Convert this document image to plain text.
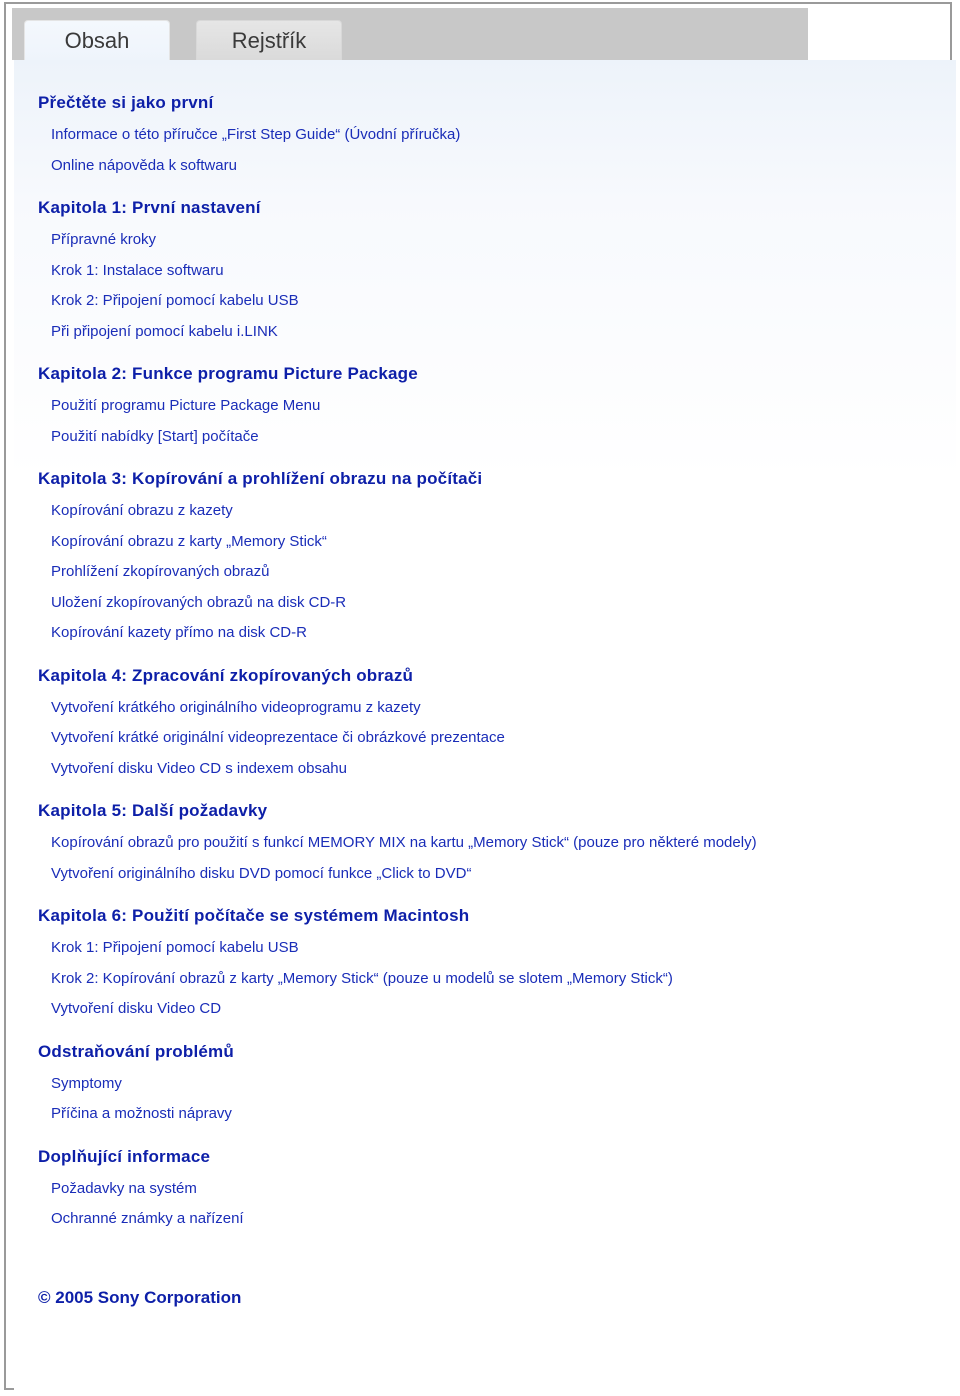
Obsah	Rejstřík
Přečtěte si jako první
Informace o této příručce „First Step Guide“ (Úvodní příručka)
Online nápověda k softwaru
Kapitola 1: První nastavení
Přípravné kroky
Krok 1: Instalace softwaru
Krok 2: Připojení pomocí kabelu USB
Při připojení pomocí kabelu i.LINK
Kapitola 2: Funkce programu Picture Package
Použití programu Picture Package Menu
Použití nabídky [Start] počítače
Kapitola 3: Kopírování a prohlížení obrazu na počítači
Kopírování obrazu z kazety
Kopírování obrazu z karty „Memory Stick“
Prohlížení zkopírovaných obrazů
Uložení zkopírovaných obrazů na disk CD-R
Kopírování kazety přímo na disk CD-R
Kapitola 4: Zpracování zkopírovaných obrazů
Vytvoření krátkého originálního videoprogramu z kazety
Vytvoření krátké originální videoprezentace či obrázkové prezentace
Vytvoření disku Video CD s indexem obsahu
Kapitola 5: Další požadavky
Kopírování obrazů pro použití s funkcí MEMORY MIX na kartu „Memory Stick“ (pouze pro některé modely)
Vytvoření originálního disku DVD pomocí funkce „Click to DVD“
Kapitola 6: Použití počítače se systémem Macintosh
Krok 1: Připojení pomocí kabelu USB
Krok 2: Kopírování obrazů z karty „Memory Stick“ (pouze u modelů se slotem „Memory Stick“)
Vytvoření disku Video CD
Odstraňování problémů
Symptomy
Příčina a možnosti nápravy
Doplňující informace
Požadavky na systém
Ochranné známky a nařízení
© 2005 Sony Corporation
